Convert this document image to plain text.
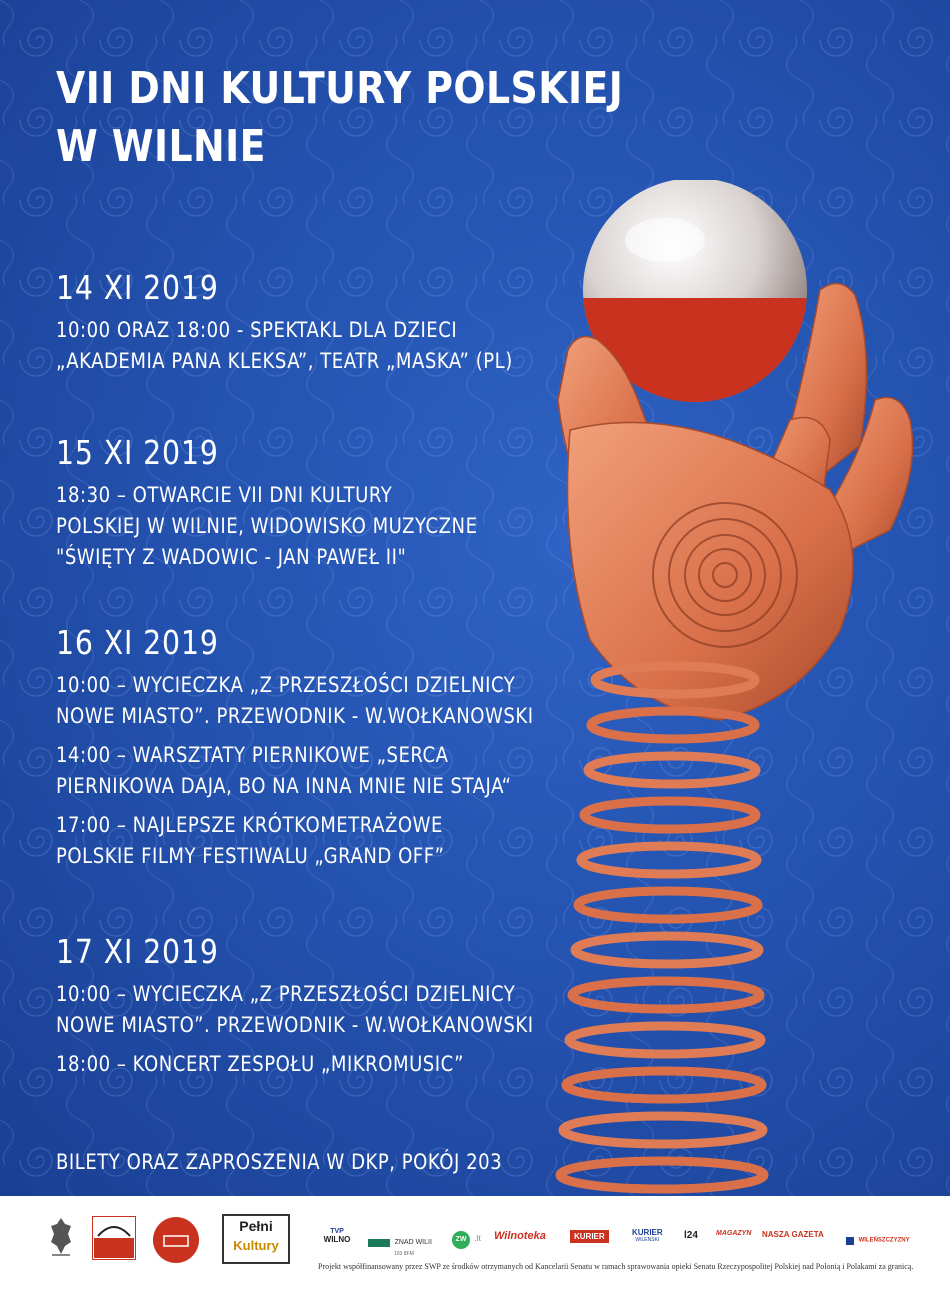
VII DNI KULTURY POLSKIEJ
W WILNIE
14 XI 2019
10:00 ORAZ 18:00 - SPEKTAKL DLA DZIECI
„AKADEMIA PANA KLEKSA”, TEATR „MASKA” (PL)
15 XI 2019
18:30 – OTWARCIE VII DNI KULTURY
POLSKIEJ W WILNIE, WIDOWISKO MUZYCZNE
"ŚWIĘTY Z WADOWIC - JAN PAWEŁ II"
16 XI 2019
10:00 – WYCIECZKA „Z PRZESZŁOŚCI DZIELNICY
NOWE MIASTO”. PRZEWODNIK - W.WOŁKANOWSKI
14:00 – WARSZTATY PIERNIKOWE „SERCA
PIERNIKOWA DAJA, BO NA INNA MNIE NIE STAJA“
17:00 – NAJLEPSZE KRÓTKOMETRAŻOWE
POLSKIE FILMY FESTIWALU „GRAND OFF”
17 XI 2019
10:00 – WYCIECZKA „Z PRZESZŁOŚCI DZIELNICY
NOWE MIASTO”. PRZEWODNIK - W.WOŁKANOWSKI
18:00 – KONCERT ZESPOŁU „MIKROMUSIC”
BILETY ORAZ ZAPROSZENIA W DKP, POKÓJ 203
Pełni
Kultury
TVP
WILNO	ZNAD WILII
103 8FM
ZW .lt Wilnoteka	KURIER	KURIER
WILEŃSKI	l24	MAGAZYN NASZA GAZETA
WILEŃSZCZYZNY
Projekt współfinansowany przez SWP ze środków otrzymanych od Kancelarii Senatu w ramach sprawowania opieki Senatu Rzeczypospolitej Polskiej nad Polonią i Polakami za granicą.
